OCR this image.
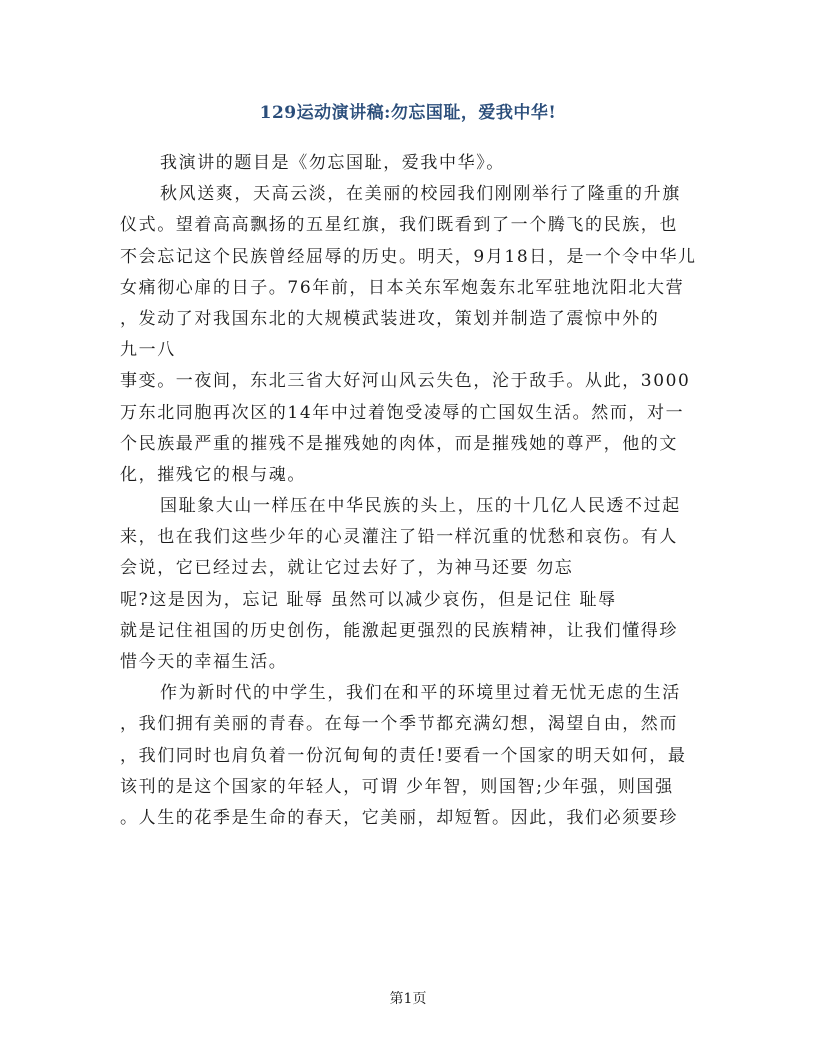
129运动演讲稿:勿忘国耻，爱我中华!
我演讲的题目是《勿忘国耻，爱我中华》。
秋风送爽，天高云淡，在美丽的校园我们刚刚举行了隆重的升旗
仪式。望着高高飘扬的五星红旗，我们既看到了一个腾飞的民族，也
不会忘记这个民族曾经屈辱的历史。明天，9月18日，是一个令中华儿
女痛彻心扉的日子。76年前，日本关东军炮轰东北军驻地沈阳北大营
，发动了对我国东北的大规模武装进攻，策划并制造了震惊中外的
九一八
事变。一夜间，东北三省大好河山风云失色，沦于敌手。从此，3000
万东北同胞再次区的14年中过着饱受凌辱的亡国奴生活。然而，对一
个民族最严重的摧残不是摧残她的肉体，而是摧残她的尊严，他的文
化，摧残它的根与魂。
国耻象大山一样压在中华民族的头上，压的十几亿人民透不过起
来，也在我们这些少年的心灵灌注了铅一样沉重的忧愁和哀伤。有人
会说，它已经过去，就让它过去好了，为神马还要 勿忘
呢?这是因为，忘记 耻辱 虽然可以减少哀伤，但是记住 耻辱
就是记住祖国的历史创伤，能激起更强烈的民族精神，让我们懂得珍
惜今天的幸福生活。
作为新时代的中学生，我们在和平的环境里过着无忧无虑的生活
，我们拥有美丽的青春。在每一个季节都充满幻想，渴望自由，然而
，我们同时也肩负着一份沉甸甸的责任!要看一个国家的明天如何，最
该刊的是这个国家的年轻人，可谓 少年智，则国智;少年强，则国强
。人生的花季是生命的春天，它美丽，却短暂。因此，我们必须要珍
第1页
